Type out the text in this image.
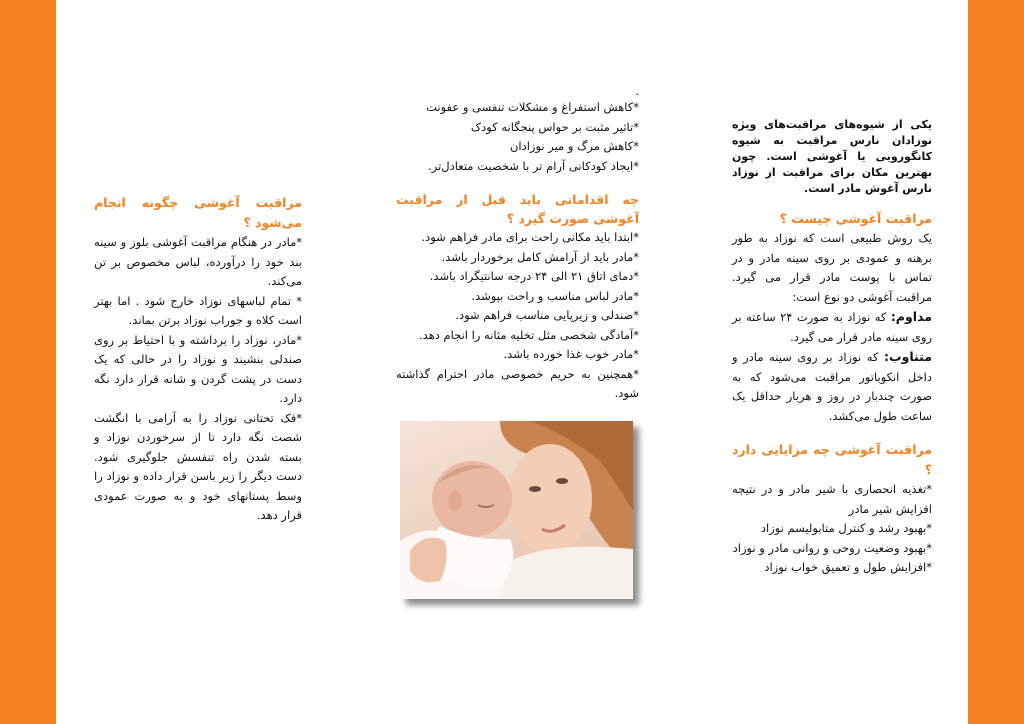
یکی از شیوه‌های مراقبت‌های ویژه نوزادان نارس مراقبت به شیوه کانگورویی یا آغوشی است. چون بهترین مکان برای مراقبت از نوزاد نارس آغوش مادر است.

مراقبت آغوشی چیست ؟

یک روش طبیعی است که نوزاد به طور برهنه و عمودی بر روی سینه مادر و در تماس با پوست مادر قرار می گیرد. مراقبت آغوشی دو نوع است:

مداوم: که نوزاد به صورت ۲۴ ساعته بر روی سینه مادر قرار می گیرد.

متناوب: که نوزاد بر روی سینه مادر و داخل انکوباتور مراقبت می‌شود که به صورت چندبار در روز و هربار حداقل یک ساعت طول می‌کشد.

مراقبت آغوشی چه مزایایی دارد ؟

*تغذیه انحصاری با شیر مادر و در نتیجه افزایش شیر مادر

*بهبود رشد و کنترل متابولیسم نوزاد

*بهبود وضعیت روحی و روانی مادر و نوزاد

*افزایش طول و تعمیق خواب نوزاد

.

*کاهش استفراغ و مشکلات تنفسی و عفونت

*تاثیر مثبت بر حواس پنجگانه کودک

*کاهش مرگ و میر نوزادان

*ایجاد کودکانی آرام تر با شخصیت متعادل‌تر.

چه اقداماتی باید قبل از مراقبت آغوشی صورت گیرد ؟

*ابتدا باید مکانی راحت برای مادر فراهم شود.

*مادر باید از آرامش کامل برخوردار باشد.

*دمای اتاق ۲۱ الی ۲۴ درجه سانتیگراد باشد.

*مادر لباس مناسب و راحت بپوشد.

*صندلی و زیرپایی مناسب فراهم شود.

*آمادگی شخصی مثل تخلیه مثانه را انجام دهد.

*مادر خوب غذا خورده باشد.

*همچنین به حریم خصوصی مادر احترام گذاشته شود.

مراقبت آغوشی چگونه انجام می‌شود ؟

*مادر در هنگام مراقبت آغوشی بلوز و سینه بند خود را درآورده، لباس مخصوص بر تن می‌کند.

* تمام لباسهای نوزاد خارج شود . اما بهتر است کلاه و جوراب نوزاد برتن بماند.

*مادر، نوزاد را برداشته و با احتیاط بر روی صندلی بنشیند و نوزاد را در حالی که یک دست در پشت گردن و شانه قرار دارد نگه دارد.

*فک تحتانی نوزاد را به آرامی با انگشت شصت نگه دارد تا از سرخوردن نوزاد و بسته شدن راه تنفسش جلوگیری شود. دست دیگر را زیر باسن قرار داده و نوزاد را وسط پستانهای خود و به صورت عمودی قرار دهد.
